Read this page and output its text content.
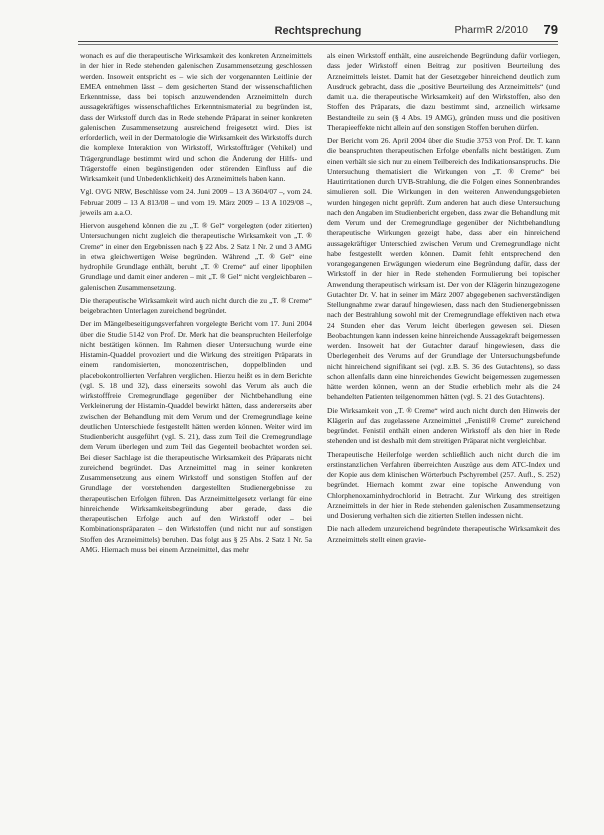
Rechtsprechung	PharmR 2/2010 79

wonach es auf die therapeutische Wirksamkeit des konkreten Arzneimittels in der hier in Rede stehenden galenischen Zusammensetzung geschlossen werden. Insoweit entspricht es – wie sich der vorgenannten Leitlinie der EMEA entnehmen lässt – dem gesicherten Stand der wissenschaftlichen Erkenntnisse, dass bei topisch anzuwendenden Arzneimitteln durch aussagekräftiges wissenschaftliches Erkenntnismaterial zu begründen ist, dass der Wirkstoff durch das in Rede stehende Präparat in seiner konkreten galenischen Zusammensetzung ausreichend freigesetzt wird. Dies ist erforderlich, weil in der Dermatologie die Wirksamkeit des Wirkstoffs durch die komplexe Interaktion von Wirkstoff, Wirkstoffträger (Vehikel) und Trägergrundlage bestimmt wird und schon die Änderung der Hilfs- und Trägerstoffe einen begünstigenden oder störenden Einfluss auf die Wirksamkeit (und Unbedenklichkeit) des Arzneimittels haben kann.

Vgl. OVG NRW, Beschlüsse vom 24. Juni 2009 – 13 A 3604/07 –, vom 24. Februar 2009 – 13 A 813/08 – und vom 19. März 2009 – 13 A 1029/08 –, jeweils am a.a.O.

Hiervon ausgehend können die zu „T. ® Gel“ vorgelegten (oder zitierten) Untersuchungen nicht zugleich die therapeutische Wirksamkeit von „T. ® Creme“ in einer den Ergebnissen nach § 22 Abs. 2 Satz 1 Nr. 2 und 3 AMG in etwa gleichwertigen Weise begründen. Während „T. ® Gel“ eine hydrophile Grundlage enthält, beruht „T. ® Creme“ auf einer lipophilen Grundlage und damit einer anderen – mit „T. ® Gel“ nicht vergleichbaren – galenischen Zusammensetzung.

Die therapeutische Wirksamkeit wird auch nicht durch die zu „T. ® Creme“ beigebrachten Unterlagen zureichend begründet.

Der im Mängelbeseitigungsverfahren vorgelegte Bericht vom 17. Juni 2004 über die Studie 5142 von Prof. Dr. Merk hat die beanspruchten Heilerfolge nicht bestätigen können. Im Rahmen dieser Untersuchung wurde eine Histamin-Quaddel provoziert und die Wirkung des streitigen Präparats in einem randomisierten, monozentrischen, doppelblinden und placebokontrollierten Verfahren verglichen. Hierzu heißt es in dem Berichte (vgl. S. 18 und 32), dass einerseits sowohl das Verum als auch die wirkstofffreie Cremegrundlage gegenüber der Nichtbehandlung eine Verkleinerung der Histamin-Quaddel bewirkt hätten, dass andererseits aber zwischen der Behandlung mit dem Verum und der Cremegrundlage keine deutlichen Unterschiede festgestellt hätten werden können. Weiter wird im Studienbericht ausgeführt (vgl. S. 21), dass zum Teil die Cremegrundlage dem Verum überlegen und zum Teil das Gegenteil beobachtet worden sei. Bei dieser Sachlage ist die therapeutische Wirksamkeit des Präparats nicht zureichend begründet. Das Arzneimittel mag in seiner konkreten Zusammensetzung aus einem Wirkstoff und sonstigen Stoffen auf der Grundlage der vorstehenden dargestellten Studienergebnisse zu therapeutischen Erfolgen führen. Das Arzneimittelgesetz verlangt für eine hinreichende Wirksamkeitsbegründung aber gerade, dass die therapeutischen Erfolge auch auf den Wirkstoff oder – bei Kombinationspräparaten – den Wirkstoffen (und nicht nur auf sonstigen Stoffen des Arzneimittels) beruhen. Das folgt aus § 25 Abs. 2 Satz 1 Nr. 5a AMG. Hiernach muss bei einem Arzneimittel, das mehr

als einen Wirkstoff enthält, eine ausreichende Begründung dafür vorliegen, dass jeder Wirkstoff einen Beitrag zur positiven Beurteilung des Arzneimittels leistet. Damit hat der Gesetzgeber hinreichend deutlich zum Ausdruck gebracht, dass die „positive Beurteilung des Arzneimittels“ (und damit u.a. die therapeutische Wirksamkeit) auf den Wirkstoffen, also den Stoffen des Präparats, die dazu bestimmt sind, arzneilich wirksame Bestandteile zu sein (§ 4 Abs. 19 AMG), gründen muss und die positiven Therapieeffekte nicht allein auf den sonstigen Stoffen beruhen dürfen.

Der Bericht vom 26. April 2004 über die Studie 3753 von Prof. Dr. T. kann die beanspruchten therapeutischen Erfolge ebenfalls nicht bestätigen. Zum einen verhält sie sich nur zu einem Teilbereich des Indikationsanspruchs. Die Untersuchung thematisiert die Wirkungen von „T. ® Creme“ bei Hautirritationen durch UVB-Strahlung, die die Folgen eines Sonnenbrandes simulieren soll. Die Wirkungen in den weiteren Anwendungsgebieten wurden hingegen nicht geprüft. Zum anderen hat auch diese Untersuchung nach den Angaben im Studienbericht ergeben, dass zwar die Behandlung mit dem Verum und der Cremegrundlage gegenüber der Nichtbehandlung therapeutische Wirkungen gezeigt habe, dass aber ein hinreichend aussagekräftiger Unterschied zwischen Verum und Cremegrundlage nicht habe festgestellt werden können. Damit fehlt entsprechend den vorangegangenen Erwägungen wiederum eine Begründung dafür, dass der Wirkstoff in der hier in Rede stehenden Formulierung bei topischer Anwendung therapeutisch wirksam ist. Der von der Klägerin hinzugezogene Gutachter Dr. V. hat in seiner im März 2007 abgegebenen sachverständigen Stellungnahme zwar darauf hingewiesen, dass nach den Studienergebnissen nach der Bestrahlung sowohl mit der Cremegrundlage effektiven nach etwa 24 Stunden eher das Verum leicht überlegen gewesen sei. Diesen Beobachtungen kann indessen keine hinreichende Aussagekraft beigemessen werden. Insoweit hat der Gutachter darauf hingewiesen, dass die Überlegenheit des Verums auf der Grundlage der Untersuchungsbefunde nicht hinreichend signifikant sei (vgl. z.B. S. 36 des Gutachtens), so dass schon allenfalls dann eine hinreichendes Gewicht beigemessen zugemessen hätte werden können, wenn an der Studie erheblich mehr als die 24 behandelten Patienten teilgenommen hätten (vgl. S. 21 des Gutachtens).

Die Wirksamkeit von „T. ® Creme“ wird auch nicht durch den Hinweis der Klägerin auf das zugelassene Arzneimittel „Fenistil® Creme“ zureichend begründet. Fenistil enthält einen anderen Wirkstoff als den hier in Rede stehenden und ist deshalb mit dem streitigen Präparat nicht vergleichbar.

Therapeutische Heilerfolge werden schließlich auch nicht durch die im erstinstanzlichen Verfahren überreichten Auszüge aus dem ATC-Index und der Kopie aus dem klinischen Wörterbuch Pschyrembel (257. Aufl., S. 252) begründet. Hiernach kommt zwar eine topische Anwendung von Chlorphenoxaminhydrochlorid in Betracht. Zur Wirkung des streitigen Arzneimittels in der hier in Rede stehenden galenischen Zusammensetzung und Dosierung verhalten sich die zitierten Stellen indessen nicht.

Die nach alledem unzureichend begründete therapeutische Wirksamkeit des Arzneimittels stellt einen gravie-
